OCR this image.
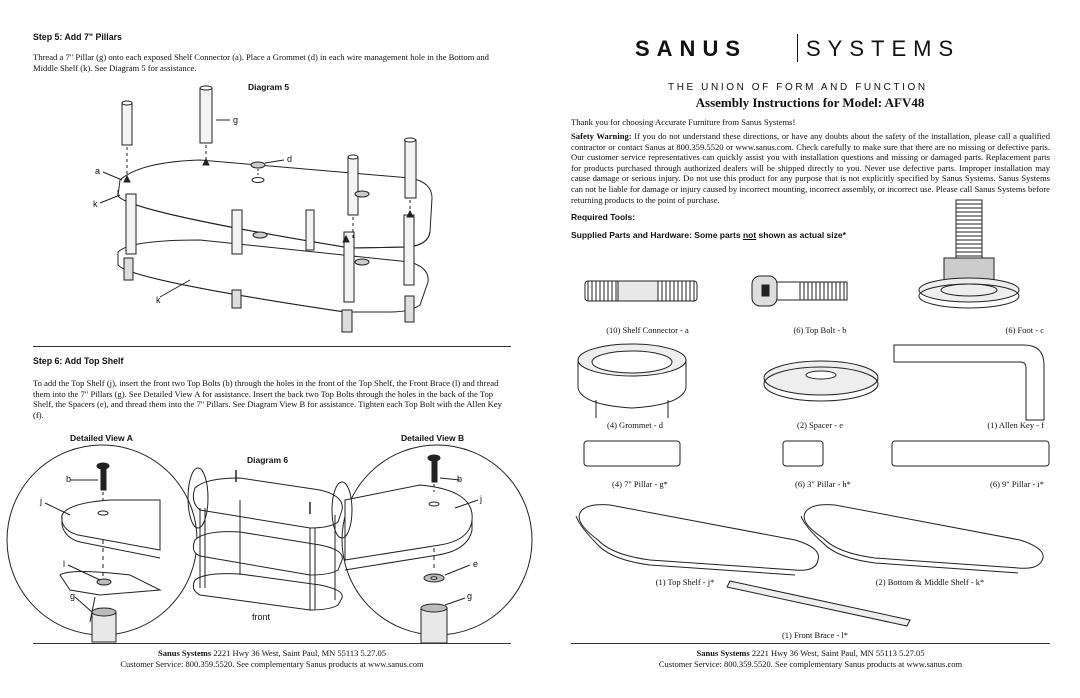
Step 5: Add 7" Pillars
Thread a 7" Pillar (g) onto each exposed Shelf Connector (a). Place a Grommet (d) in each wire management hole in the Bottom and Middle Shelf (k). See Diagram 5 for assistance.
Diagram 5
g
d
a
k
k
Step 6: Add Top Shelf
To add the Top Shelf (j), insert the front two Top Bolts (b) through the holes in the front of the Top Shelf, the Front Brace (l) and thread them into the 7" Pillars (g). See Detailed View A for assistance. Insert the back two Top Bolts through the holes in the back of the Top Shelf, the Spacers (e), and thread them into the 7" Pillars. See Diagram View B for assistance. Tighten each Top Bolt with the Allen Key (f).
Detailed View A	Detailed View B
Diagram 6
b
j
l
g
b
j
e
g
front
Sanus Systems 2221 Hwy 36 West, Saint Paul, MN 55113 5.27.05
Customer Service: 800.359.5520. See complementary Sanus products at www.sanus.com
SANUS	SYSTEMS
THE UNION OF FORM AND FUNCTION
Assembly Instructions for Model: AFV48
Thank you for choosing Accurate Furniture from Sanus Systems!
Safety Warning: If you do not understand these directions, or have any doubts about the safety of the installation, please call a qualified contractor or contact Sanus at 800.359.5520 or www.sanus.com. Check carefully to make sure that there are no missing or defective parts. Our customer service representatives can quickly assist you with installation questions and missing or damaged parts. Replacement parts for products purchased through authorized dealers will be shipped directly to you. Never use defective parts. Improper installation may cause damage or serious injury. Do not use this product for any purpose that is not explicitly specified by Sanus Systems. Sanus Systems can not be liable for damage or injury caused by incorrect mounting, incorrect assembly, or incorrect use. Please call Sanus Systems before returning products to the point of purchase.
Required Tools:
Supplied Parts and Hardware: Some parts not shown as actual size*
(10) Shelf Connector - a	(6) Top Bolt - b	(6) Foot - c
(4) Grommet - d	(2) Spacer - e	(1) Allen Key - f
(4) 7" Pillar - g*	(6) 3" Pillar - h*	(6) 9" Pillar - i*
(1) Top Shelf - j*	(2) Bottom & Middle Shelf - k*
(1) Front Brace - l*
Sanus Systems 2221 Hwy 36 West, Saint Paul, MN 55113 5.27.05
Customer Service: 800.359.5520. See complementary Sanus products at www.sanus.com
